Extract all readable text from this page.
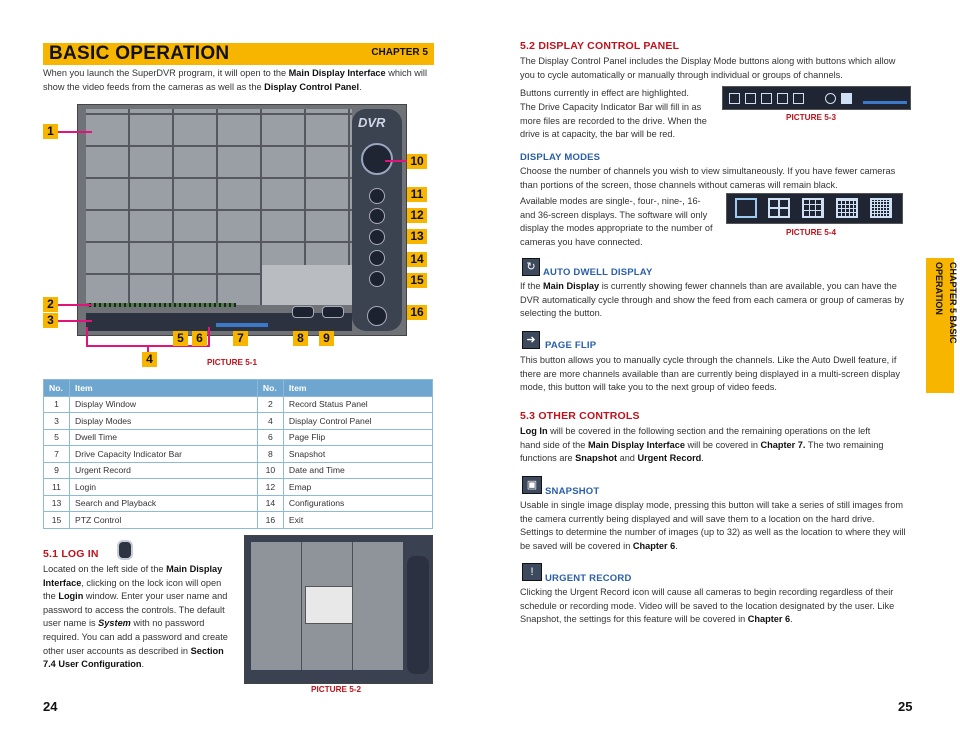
BASIC OPERATION	CHAPTER 5

When you launch the SuperDVR program, it will open to the Main Display Interface which will show the video feeds from the cameras as well as the Display Control Panel.

DVR
1
2
3
4
5	6	7	8	9
10
11
12
13
14
15
16
PICTURE 5-1
No.	Item	No.	Item
1	Display Window	2	Record Status Panel
3	Display Modes	4	Display Control Panel
5	Dwell Time	6	Page Flip
7	Drive Capacity Indicator Bar	8	Snapshot
9	Urgent Record	10	Date and Time
11	Login	12	Emap
13	Search and Playback	14	Configurations
15	PTZ Control	16	Exit
5.1 LOG IN

Located on the left side of the Main Display Interface, clicking on the lock icon will open the Login window. Enter your user name and password to access the controls. The default user name is System with no password required. You can add a password and create other user accounts as described in Section 7.4 User Configuration.

PICTURE 5-2
24
5.2 DISPLAY CONTROL PANEL

The Display Control Panel includes the Display Mode buttons along with buttons which allow you to cycle automatically or manually through individual or groups of channels.

Buttons currently in effect are highlighted.

The Drive Capacity Indicator Bar will fill in as more files are recorded to the drive. When the drive is at capacity, the bar will be red.

PICTURE 5-3
DISPLAY MODES

Choose the number of channels you wish to view simultaneously. If you have fewer cameras than portions of the screen, those channels without cameras will remain black.

Available modes are single-, four-, nine-, 16- and 36-screen displays. The software will only display the modes appropriate to the number of cameras you have connected.

PICTURE 5-4
↻ AUTO DWELL DISPLAY

If the Main Display is currently showing fewer channels than are available, you can have the DVR automatically cycle through and show the feed from each camera or group of cameras by selecting the button.

➜ PAGE FLIP

This button allows you to manually cycle through the channels. Like the Auto Dwell feature, if there are more channels available than are currently being displayed in a multi-screen display mode, this button will take you to the next group of video feeds.

5.3 OTHER CONTROLS

Log In will be covered in the following section and the remaining operations on the left hand side of the Main Display Interface will be covered in Chapter 7. The two remaining functions are Snapshot and Urgent Record.

▣
SNAPSHOT

Usable in single image display mode, pressing this button will take a series of still images from the camera currently being displayed and will save them to a location on the hard drive. Settings to determine the number of images (up to 32) as well as the location to where they will be saved will be covered in Chapter 6.

!
URGENT RECORD

Clicking the Urgent Record icon will cause all cameras to begin recording regardless of their schedule or recording mode. Video will be saved to the location designated by the user. Like Snapshot, the settings for this feature will be covered in Chapter 6.

CHAPTER 5 BASIC OPERATION
25
